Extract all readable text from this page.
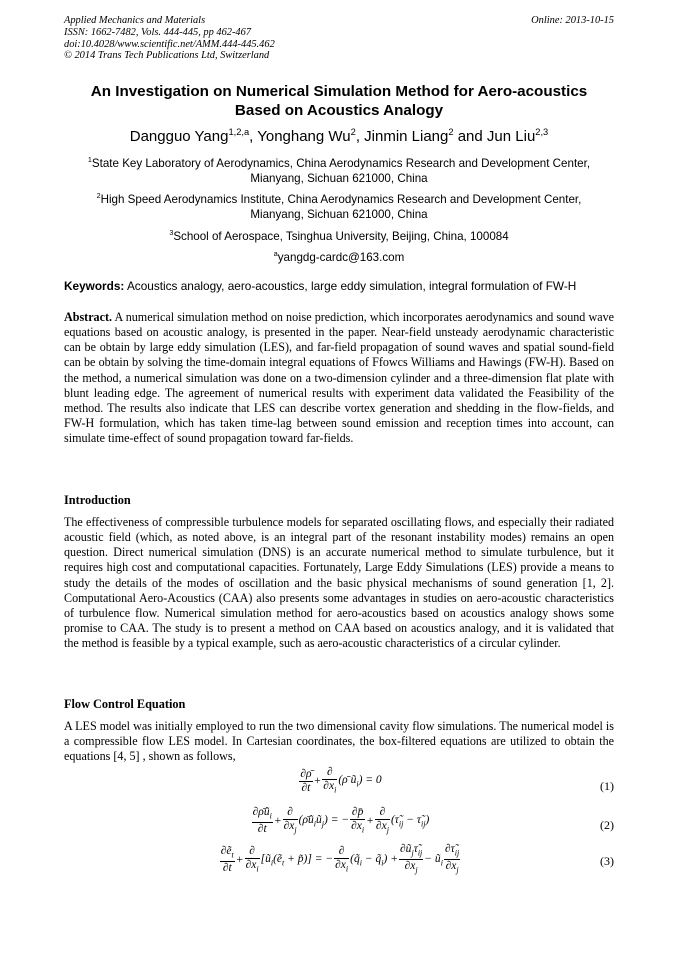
Applied Mechanics and Materials
ISSN: 1662-7482, Vols. 444-445, pp 462-467
doi:10.4028/www.scientific.net/AMM.444-445.462
© 2014 Trans Tech Publications Ltd, Switzerland
Online: 2013-10-15
An Investigation on Numerical Simulation Method for Aero-acoustics
Based on Acoustics Analogy
Dangguo Yang$^{1,2,a}$, Yonghang Wu$^2$, Jinmin Liang$^2$ and Jun Liu$^{2,3}$
$^1$State Key Laboratory of Aerodynamics, China Aerodynamics Research and Development Center,
Mianyang, Sichuan 621000, China
$^2$High Speed Aerodynamics Institute, China Aerodynamics Research and Development Center,
Mianyang, Sichuan 621000, China
$^3$School of Aerospace, Tsinghua University, Beijing, China, 100084
$^a$yangdg-cardc@163.com
Keywords: Acoustics analogy, aero-acoustics, large eddy simulation, integral formulation of FW-H
Abstract. A numerical simulation method on noise prediction, which incorporates aerodynamics and sound wave equations based on acoustic analogy, is presented in the paper. Near-field unsteady aerodynamic characteristic can be obtain by large eddy simulation (LES), and far-field propagation of sound waves and spatial sound-field can be obtain by solving the time-domain integral equations of Ffowcs Williams and Hawings (FW-H). Based on the method, a numerical simulation was done on a two-dimension cylinder and a three-dimension flat plate with blunt leading edge. The agreement of numerical results with experiment data validated the Feasibility of the method. The results also indicate that LES can describe vortex generation and shedding in the flow-fields, and FW-H formulation, which has taken time-lag between sound emission and reception times into account, can simulate time-effect of sound propagation toward far-fields.
Introduction
The effectiveness of compressible turbulence models for separated oscillating flows, and especially their radiated acoustic field (which, as noted above, is an integral part of the resonant instability modes) remains an open question. Direct numerical simulation (DNS) is an accurate numerical method to simulate turbulence, but it requires high cost and computational capacities. Fortunately, Large Eddy Simulations (LES) provide a means to study the details of the modes of oscillation and the basic physical mechanisms of sound generation [1, 2]. Computational Aero-Acoustics (CAA) also presents some advantages in studies on aero-acoustic characteristics of turbulence flow. Numerical simulation method for aero-acoustics based on acoustics analogy shows some promise to CAA. The study is to present a method on CAA based on acoustics analogy, and it is validated that the method is feasible by a typical example, such as aero-acoustic characteristics of a circular cylinder.
Flow Control Equation
A LES model was initially employed to run the two dimensional cavity flow simulations. The numerical model is a compressible flow LES model. In Cartesian coordinates, the box-filtered equations are utilized to obtain the equations [4, 5] , shown as follows,
$\frac{\partial\rhō}{\partial t} + \frac{\partial}{\partial x_i}$ (ρ̄ $ũ_i) = 0$	(1)
$\frac{\partial\rhōũ_i}{\partial t} + \frac{\partial}{\partial x_j}$ $(\rhōũ_iũ_j)$ = − $\frac{\partial p̄}{\partial x_i} + \frac{\partial}{\partial x_j}$ ($\taũ_{ij}$ − $\taũ_{ij}$)	(2)
$\frac{\partial ẽ_t}{\partial t} + \frac{\partial}{\partial x_i}$ [$ũ_i(ẽ_t$ + p̃)] = − $\frac{\partial}{\partial x_i}$ ($q̃_i$ − $q̃_i) + \frac{\partial ũ_j\taũ_{ij}}{\partial x_j}$ − $ũ_i \frac{\partial\taũ_{ij}}{\partial x_j}$	(3)
